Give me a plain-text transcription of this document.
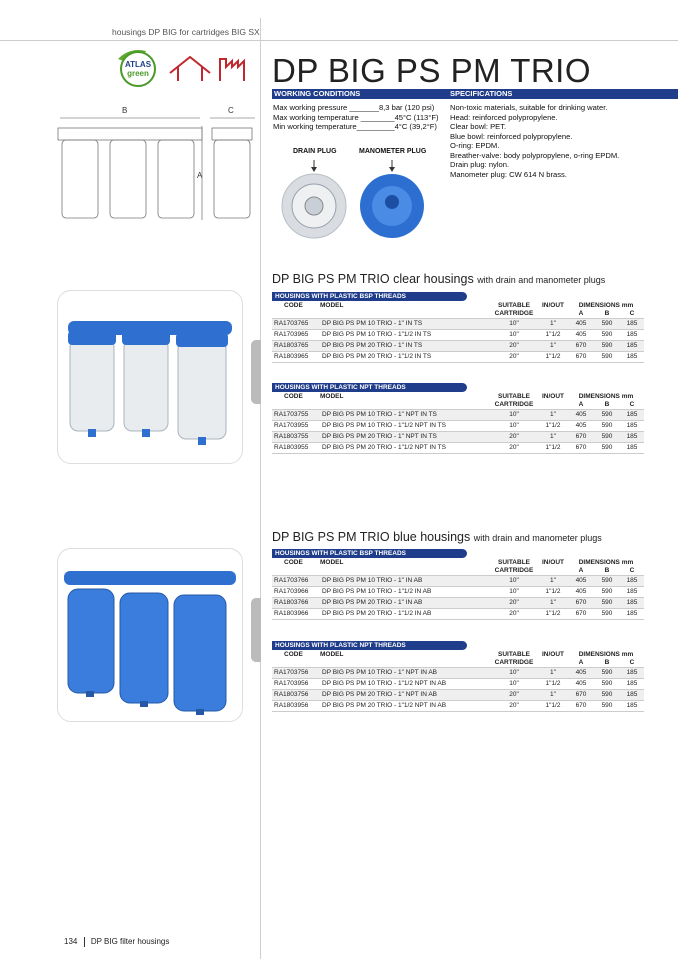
housings DP BIG for cartridges BIG SX
ATLAS
green	DP BIG PS PM TRIO
WORKING CONDITIONS	SPECIFICATIONS
Max working pressure _______8,3 bar (120 psi)
Max working temperature ________45°C (113°F)
Min working temperature_________4°C (39,2°F)
Non-toxic materials, suitable for drinking water.
Head: reinforced polypropylene.
Clear bowl: PET.
Blue bowl: reinforced polypropylene.
O-ring: EPDM.
Breather-valve: body polypropylene, o-ring EPDM.
Drain plug: nylon.
Manometer plug: CW 614 N brass.
DRAIN PLUG	MANOMETER PLUG
B	C
A
DP BIG PS PM TRIO clear housings with drain and manometer plugs
HOUSINGS WITH PLASTIC BSP THREADS
CODE	MODEL	SUITABLE	IN/OUT	DIMENSIONS mm		
		CARTRIDGE		A	B	C
RA1703765	DP BIG PS PM 10 TRIO - 1" IN TS	10"	1"	405	590	185
RA1703965	DP BIG PS PM 10 TRIO - 1"1/2 IN TS	10"	1"1/2	405	590	185
RA1803765	DP BIG PS PM 20 TRIO - 1" IN TS	20"	1"	670	590	185
RA1803965	DP BIG PS PM 20 TRIO - 1"1/2 IN TS	20"	1"1/2	670	590	185
HOUSINGS WITH PLASTIC NPT THREADS
CODE	MODEL	SUITABLE	IN/OUT	DIMENSIONS mm		
		CARTRIDGE		A	B	C
RA1703755	DP BIG PS PM 10 TRIO - 1" NPT IN TS	10"	1"	405	590	185
RA1703955	DP BIG PS PM 10 TRIO - 1"1/2 NPT IN TS	10"	1"1/2	405	590	185
RA1803755	DP BIG PS PM 20 TRIO - 1" NPT IN TS	20"	1"	670	590	185
RA1803955	DP BIG PS PM 20 TRIO - 1"1/2 NPT IN TS	20"	1"1/2	670	590	185
DP BIG PS PM TRIO blue housings with drain and manometer plugs
HOUSINGS WITH PLASTIC BSP THREADS
CODE	MODEL	SUITABLE	IN/OUT	DIMENSIONS mm		
		CARTRIDGE		A	B	C
RA1703766	DP BIG PS PM 10 TRIO - 1" IN AB	10"	1"	405	590	185
RA1703966	DP BIG PS PM 10 TRIO - 1"1/2 IN AB	10"	1"1/2	405	590	185
RA1803766	DP BIG PS PM 20 TRIO - 1" IN AB	20"	1"	670	590	185
RA1803966	DP BIG PS PM 20 TRIO - 1"1/2 IN AB	20"	1"1/2	670	590	185
HOUSINGS WITH PLASTIC NPT THREADS
CODE	MODEL	SUITABLE	IN/OUT	DIMENSIONS mm		
		CARTRIDGE		A	B	C
RA1703756	DP BIG PS PM 10 TRIO - 1" NPT IN AB	10"	1"	405	590	185
RA1703956	DP BIG PS PM 10 TRIO - 1"1/2 NPT IN AB	10"	1"1/2	405	590	185
RA1803756	DP BIG PS PM 20 TRIO - 1" NPT IN AB	20"	1"	670	590	185
RA1803956	DP BIG PS PM 20 TRIO - 1"1/2 NPT IN AB	20"	1"1/2	670	590	185
134 DP BIG filter housings
